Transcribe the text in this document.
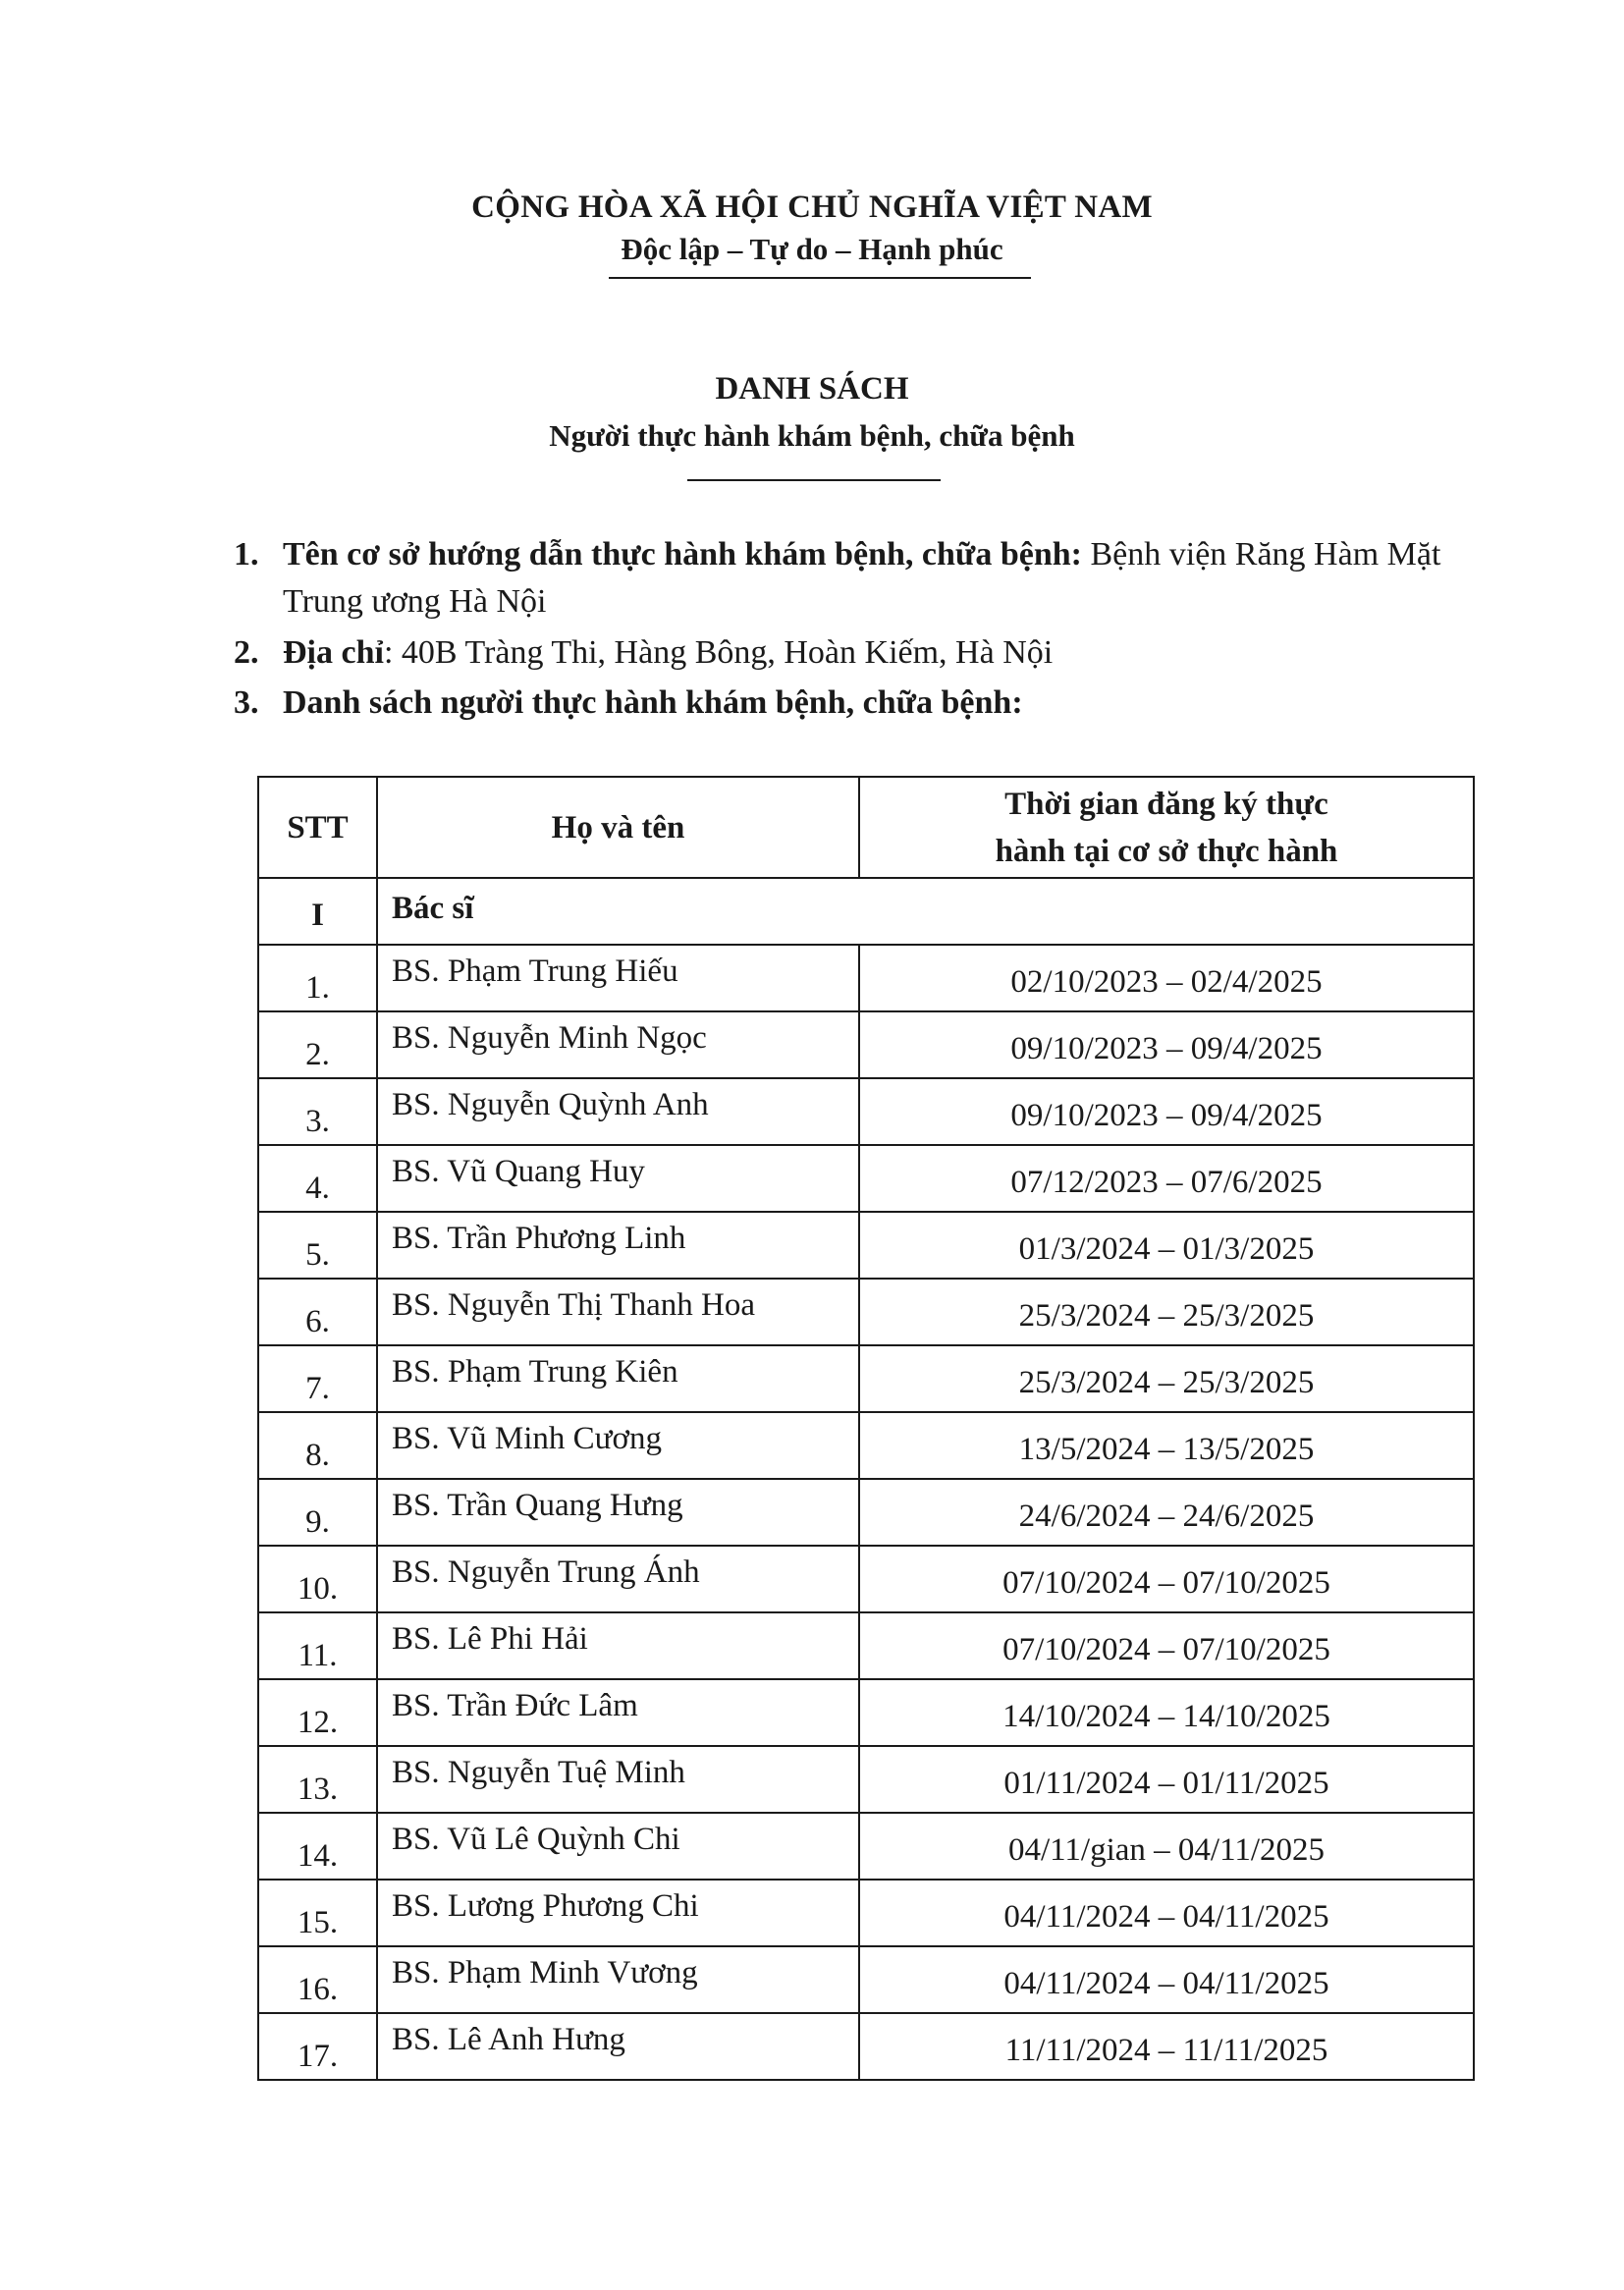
CỘNG HÒA XÃ HỘI CHỦ NGHĨA VIỆT NAM
Độc lập – Tự do – Hạnh phúc
DANH SÁCH
Người thực hành khám bệnh, chữa bệnh
1. Tên cơ sở hướng dẫn thực hành khám bệnh, chữa bệnh: Bệnh viện Răng Hàm Mặt Trung ương Hà Nội
2. Địa chỉ: 40B Tràng Thi, Hàng Bông, Hoàn Kiếm, Hà Nội
3. Danh sách người thực hành khám bệnh, chữa bệnh:
STT	Họ và tên	Thời gian đăng ký thực
hành tại cơ sở thực hành

I	Bác sĩ	
1.	BS. Phạm Trung Hiếu	02/10/2023 – 02/4/2025
2.	BS. Nguyễn Minh Ngọc	09/10/2023 – 09/4/2025
3.	BS. Nguyễn Quỳnh Anh	09/10/2023 – 09/4/2025
4.	BS. Vũ Quang Huy	07/12/2023 – 07/6/2025
5.	BS. Trần Phương Linh	01/3/2024 – 01/3/2025
6.	BS. Nguyễn Thị Thanh Hoa	25/3/2024 – 25/3/2025
7.	BS. Phạm Trung Kiên	25/3/2024 – 25/3/2025
8.	BS. Vũ Minh Cương	13/5/2024 – 13/5/2025
9.	BS. Trần Quang Hưng	24/6/2024 – 24/6/2025
10.	BS. Nguyễn Trung Ánh	07/10/2024 – 07/10/2025
11.	BS. Lê Phi Hải	07/10/2024 – 07/10/2025
12.	BS. Trần Đức Lâm	14/10/2024 – 14/10/2025
13.	BS. Nguyễn Tuệ Minh	01/11/2024 – 01/11/2025
14.	BS. Vũ Lê Quỳnh Chi	04/11/gian – 04/11/2025
15.	BS. Lương Phương Chi	04/11/2024 – 04/11/2025
16.	BS. Phạm Minh Vương	04/11/2024 – 04/11/2025
17.	BS. Lê Anh Hưng	11/11/2024 – 11/11/2025
